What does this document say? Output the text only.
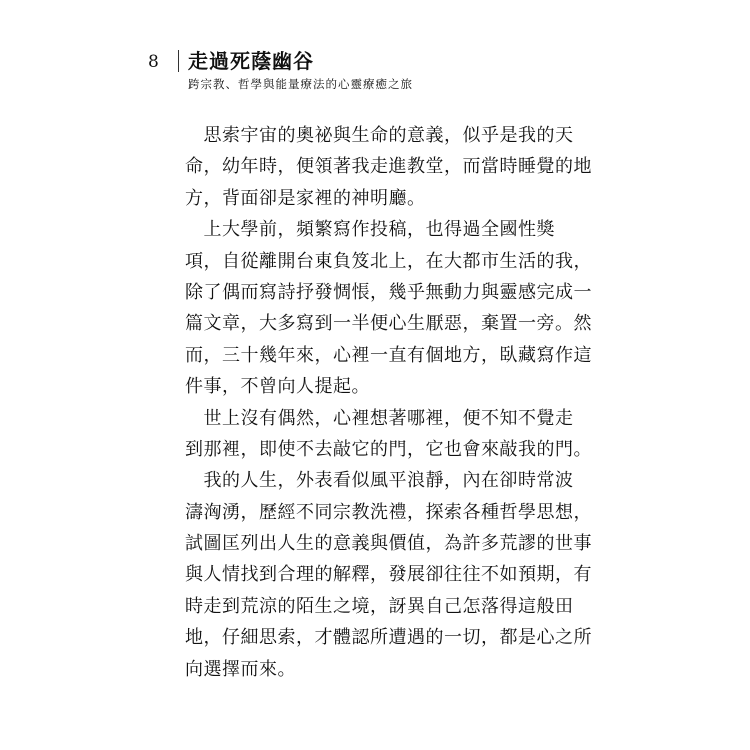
8 走過死蔭幽谷
跨宗教、哲學與能量療法的心靈療癒之旅
　思索宇宙的奧祕與生命的意義，似乎是我的天
命，幼年時，便領著我走進教堂，而當時睡覺的地
方，背面卻是家裡的神明廳。
　上大學前，頻繁寫作投稿，也得過全國性獎
項，自從離開台東負笈北上，在大都市生活的我，
除了偶而寫詩抒發惆悵，幾乎無動力與靈感完成一
篇文章，大多寫到一半便心生厭惡，棄置一旁。然
而，三十幾年來，心裡一直有個地方，臥藏寫作這
件事，不曾向人提起。
　世上沒有偶然，心裡想著哪裡，便不知不覺走
到那裡，即使不去敲它的門，它也會來敲我的門。
　我的人生，外表看似風平浪靜，內在卻時常波
濤洶湧，歷經不同宗教洗禮，探索各種哲學思想，
試圖匡列出人生的意義與價值，為許多荒謬的世事
與人情找到合理的解釋，發展卻往往不如預期，有
時走到荒涼的陌生之境，訝異自己怎落得這般田
地，仔細思索，才體認所遭遇的一切，都是心之所
向選擇而來。
